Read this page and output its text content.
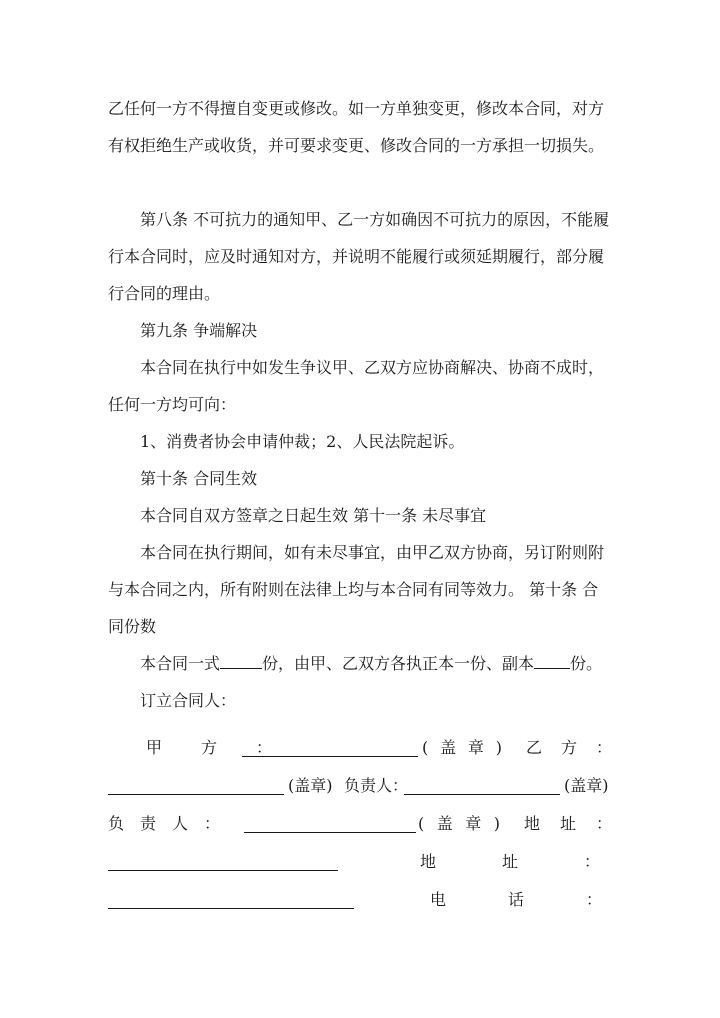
乙任何一方不得擅自变更或修改。如一方单独变更，修改本合同，对方有权拒绝生产或收货，并可要求变更、修改合同的一方承担一切损失。

第八条 不可抗力的通知甲、乙一方如确因不可抗力的原因，不能履行本合同时，应及时通知对方，并说明不能履行或须延期履行，部分履行合同的理由。

第九条 争端解决

本合同在执行中如发生争议甲、乙双方应协商解决、协商不成时，任何一方均可向：

1、消费者协会申请仲裁；2、人民法院起诉。

第十条 合同生效

本合同自双方签章之日起生效 第十一条 未尽事宜

本合同在执行期间，如有未尽事宜，由甲乙双方协商，另订附则附与本合同之内，所有附则在法律上均与本合同有同等效力。 第十条 合同份数

本合同一式	份，由甲、乙双方各执正本一份、副本 份。

订立合同人：

甲方：	(盖章) 乙方：
(盖章) 负责人：	(盖章)
负责人：	(盖章) 地址：
地址：
电话：
